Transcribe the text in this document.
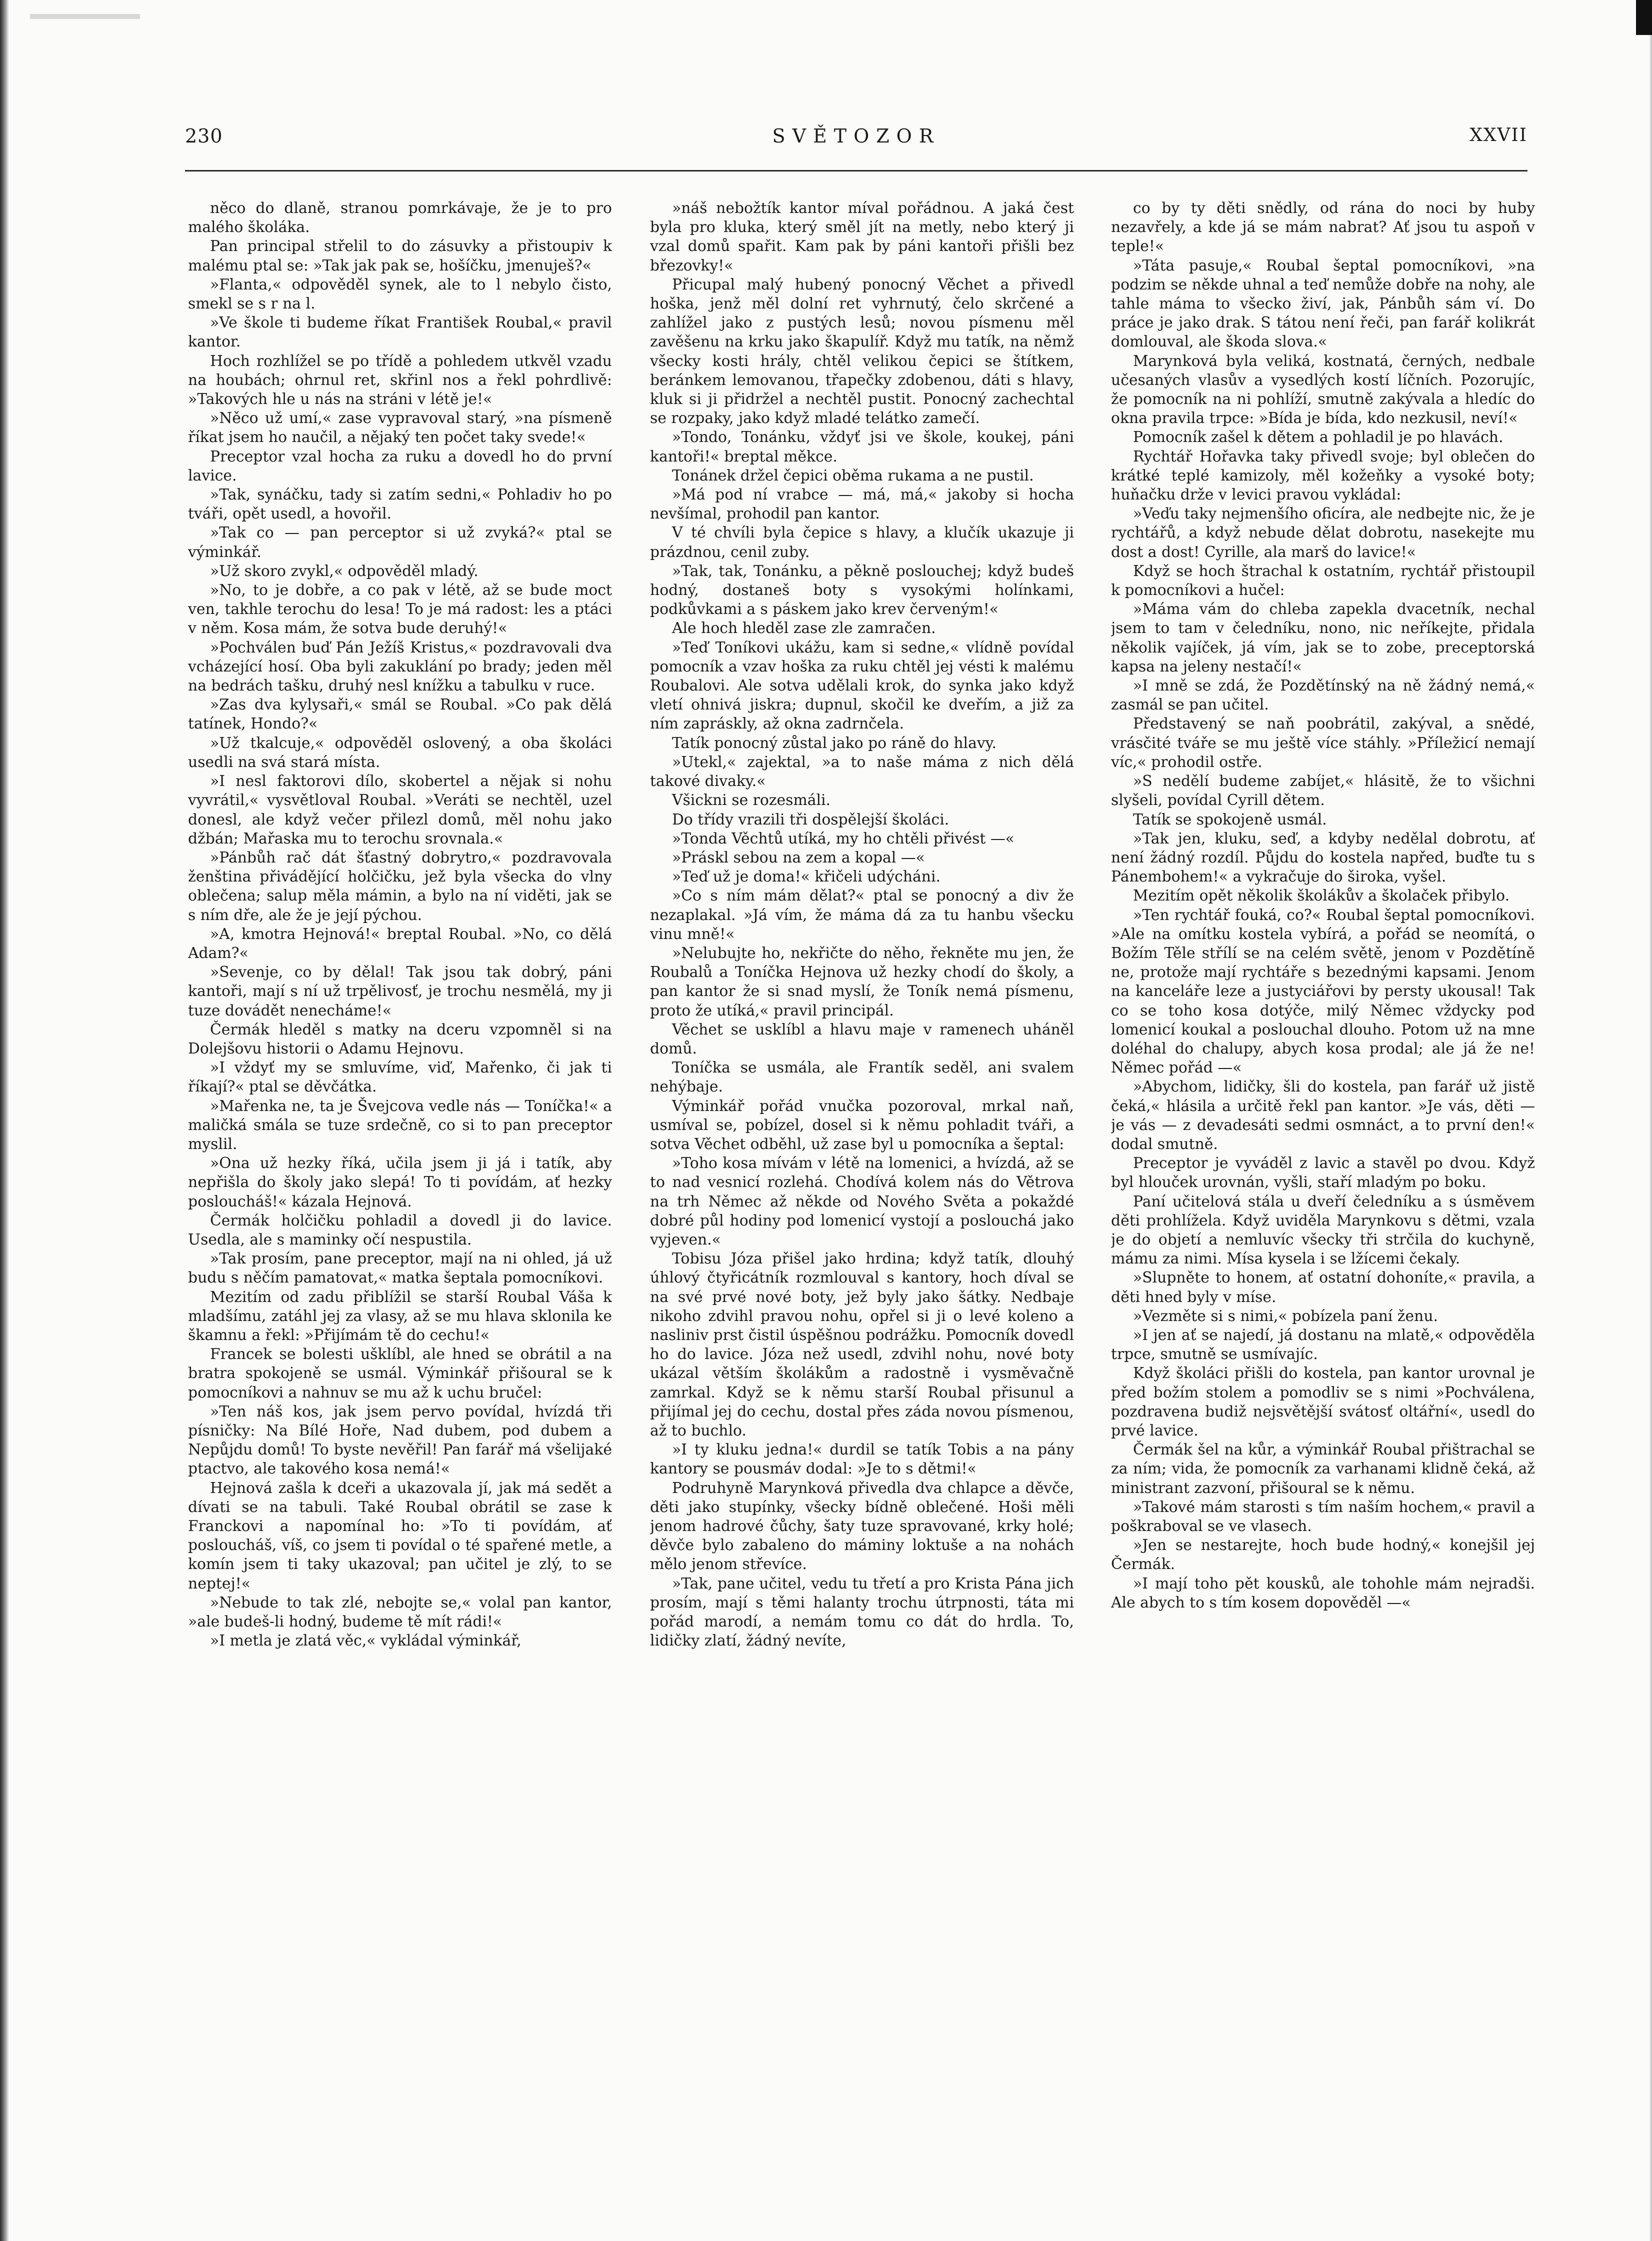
230	SVĚTOZOR	XXVII

něco do dlaně, stranou pomrkávaje, že je to pro malého školáka.

Pan principal střelil to do zásuvky a přistoupiv k malému ptal se: »Tak jak pak se, hošíčku, jmenuješ?«

»Flanta,« odpověděl synek, ale to l nebylo čisto, smekl se s r na l.

»Ve škole ti budeme říkat František Roubal,« pravil kantor.

Hoch rozhlížel se po třídě a pohledem utkvěl vzadu na houbách; ohrnul ret, skřinl nos a řekl pohrdlivě: »Takových hle u nás na stráni v létě je!«

»Něco už umí,« zase vypravoval starý, »na písmeně říkat jsem ho naučil, a nějaký ten počet taky svede!«

Preceptor vzal hocha za ruku a dovedl ho do první lavice.

»Tak, synáčku, tady si zatím sedni,« Pohladiv ho po tváři, opět usedl, a hovořil.

»Tak co — pan perceptor si už zvyká?« ptal se výminkář.

»Už skoro zvykl,« odpověděl mladý.

»No, to je dobře, a co pak v létě, až se bude moct ven, takhle terochu do lesa! To je má radost: les a ptáci v něm. Kosa mám, že sotva bude deruhý!«

»Pochválen buď Pán Ježíš Kristus,« pozdravovali dva vcházející hosí. Oba byli zakuklání po brady; jeden měl na bedrách tašku, druhý nesl knížku a tabulku v ruce.

»Zas dva kylysaři,« smál se Roubal. »Co pak dělá tatínek, Hondo?«

»Už tkalcuje,« odpověděl oslovený, a oba školáci usedli na svá stará místa.

»I nesl faktorovi dílo, skobertel a nějak si nohu vyvrátil,« vysvětloval Roubal. »Veráti se nechtěl, uzel donesl, ale když večer přilezl domů, měl nohu jako džbán; Mařaska mu to terochu srovnala.«

»Pánbůh rač dát šťastný dobrytro,« pozdravovala ženština přivádějící holčičku, jež byla všecka do vlny oblečena; salup měla mámin, a bylo na ní viděti, jak se s ním dře, ale že je její pýchou.

»A, kmotra Hejnová!« breptal Roubal. »No, co dělá Adam?«

»Sevenje, co by dělal! Tak jsou tak dobrý, páni kantoři, mají s ní už trpělivosť, je trochu nesmělá, my ji tuze dovádět nenecháme!«

Čermák hleděl s matky na dceru vzpomněl si na Dolejšovu historii o Adamu Hejnovu.

»I vždyť my se smluvíme, viď, Mařenko, či jak ti říkají?« ptal se děvčátka.

»Mařenka ne, ta je Švejcova vedle nás — Toníčka!« a maličká smála se tuze srdečně, co si to pan preceptor myslil.

»Ona už hezky říká, učila jsem ji já i tatík, aby nepřišla do školy jako slepá! To ti povídám, ať hezky posloucháš!« kázala Hejnová.

Čermák holčičku pohladil a dovedl ji do lavice. Usedla, ale s maminky očí nespustila.

»Tak prosím, pane preceptor, mají na ni ohled, já už budu s něčím pamatovat,« matka šeptala pomocníkovi.

Mezitím od zadu přiblížil se starší Roubal Váša k mladšímu, zatáhl jej za vlasy, až se mu hlava sklonila ke škamnu a řekl: »Přijímám tě do cechu!«

Francek se bolesti ušklíbl, ale hned se obrátil a na bratra spokojeně se usmál. Výminkář přišoural se k pomocníkovi a nahnuv se mu až k uchu bručel:

»Ten náš kos, jak jsem pervo povídal, hvízdá tři písničky: Na Bílé Hoře, Nad dubem, pod dubem a Nepůjdu domů! To byste nevěřil! Pan farář má všelijaké ptactvo, ale takového kosa nemá!«

Hejnová zašla k dceři a ukazovala jí, jak má sedět a dívati se na tabuli. Také Roubal obrátil se zase k Franckovi a napomínal ho: »To ti povídám, ať posloucháš, víš, co jsem ti povídal o té spařené metle, a komín jsem ti taky ukazoval; pan učitel je zlý, to se neptej!«

»Nebude to tak zlé, nebojte se,« volal pan kantor, »ale budeš-li hodný, budeme tě mít rádi!«

»I metla je zlatá věc,« vykládal výminkář,

»náš nebožtík kantor míval pořádnou. A jaká čest byla pro kluka, který směl jít na metly, nebo který ji vzal domů spařit. Kam pak by páni kantoři přišli bez březovky!«

Přicupal malý hubený ponocný Věchet a přivedl hoška, jenž měl dolní ret vyhrnutý, čelo skrčené a zahlížel jako z pustých lesů; novou písmenu měl zavěšenu na krku jako škapulíř. Když mu tatík, na němž všecky kosti hrály, chtěl velikou čepici se štítkem, beránkem lemovanou, třapečky zdobenou, dáti s hlavy, kluk si ji přidržel a nechtěl pustit. Ponocný zachechtal se rozpaky, jako když mladé telátko zamečí.

»Tondo, Tonánku, vždyť jsi ve škole, koukej, páni kantoři!« breptal měkce.

Tonánek držel čepici oběma rukama a ne pustil.

»Má pod ní vrabce — má, má,« jakoby si hocha nevšímal, prohodil pan kantor.

V té chvíli byla čepice s hlavy, a klučík ukazuje ji prázdnou, cenil zuby.

»Tak, tak, Tonánku, a pěkně poslouchej; když budeš hodný, dostaneš boty s vysokými holínkami, podkůvkami a s páskem jako krev červeným!«

Ale hoch hleděl zase zle zamračen.

»Teď Toníkovi ukážu, kam si sedne,« vlídně povídal pomocník a vzav hoška za ruku chtěl jej vésti k malému Roubalovi. Ale sotva udělali krok, do synka jako když vletí ohnivá jiskra; dupnul, skočil ke dveřím, a již za ním zapráskly, až okna zadrnčela.

Tatík ponocný zůstal jako po ráně do hlavy.

»Utekl,« zajektal, »a to naše máma z nich dělá takové divaky.«

Všickni se rozesmáli.

Do třídy vrazili tři dospělejší školáci.

»Tonda Věchtů utíká, my ho chtěli přivést —«

»Práskl sebou na zem a kopal —«

»Teď už je doma!« křičeli udýcháni.

»Co s ním mám dělat?« ptal se ponocný a div že nezaplakal. »Já vím, že máma dá za tu hanbu všecku vinu mně!«

»Nelubujte ho, nekřičte do něho, řekněte mu jen, že Roubalů a Toníčka Hejnova už hezky chodí do školy, a pan kantor že si snad myslí, že Toník nemá písmenu, proto že utíká,« pravil principál.

Věchet se usklíbl a hlavu maje v ramenech uháněl domů.

Toníčka se usmála, ale Frantík seděl, ani svalem nehýbaje.

Výminkář pořád vnučka pozoroval, mrkal naň, usmíval se, pobízel, dosel si k němu pohladit tváři, a sotva Věchet odběhl, už zase byl u pomocníka a šeptal:

»Toho kosa mívám v létě na lomenici, a hvízdá, až se to nad vesnicí rozlehá. Chodívá kolem nás do Větrova na trh Němec až někde od Nového Světa a pokaždé dobré půl hodiny pod lomenicí vystojí a poslouchá jako vyjeven.«

Tobisu Józa přišel jako hrdina; když tatík, dlouhý úhlový čtyřicátník rozmlouval s kantory, hoch díval se na své prvé nové boty, jež byly jako šátky. Nedbaje nikoho zdvihl pravou nohu, opřel si ji o levé koleno a nasliniv prst čistil úspěšnou podrážku. Pomocník dovedl ho do lavice. Józa než usedl, zdvihl nohu, nové boty ukázal větším školákům a radostně i vysměvačně zamrkal. Když se k němu starší Roubal přisunul a přijímal jej do cechu, dostal přes záda novou písmenou, až to buchlo.

»I ty kluku jedna!« durdil se tatík Tobis a na pány kantory se pousmáv dodal: »Je to s dětmi!«

Podruhyně Marynková přivedla dva chlapce a děvče, děti jako stupínky, všecky bídně oblečené. Hoši měli jenom hadrové čůchy, šaty tuze spravované, krky holé; děvče bylo zabaleno do máminy loktuše a na nohách mělo jenom střevíce.

»Tak, pane učitel, vedu tu třetí a pro Krista Pána jich prosím, mají s těmi halanty trochu útrpnosti, táta mi pořád marodí, a nemám tomu co dát do hrdla. To, lidičky zlatí, žádný nevíte,

co by ty děti snědly, od rána do noci by huby nezavřely, a kde já se mám nabrat? Ať jsou tu aspoň v teple!«

»Táta pasuje,« Roubal šeptal pomocníkovi, »na podzim se někde uhnal a teď nemůže dobře na nohy, ale tahle máma to všecko živí, jak, Pánbůh sám ví. Do práce je jako drak. S tátou není řeči, pan farář kolikrát domlouval, ale škoda slova.«

Marynková byla veliká, kostnatá, černých, nedbale učesaných vlasův a vysedlých kostí líčních. Pozorujíc, že pomocník na ni pohlíží, smutně zakývala a hledíc do okna pravila trpce: »Bída je bída, kdo nezkusil, neví!«

Pomocník zašel k dětem a pohladil je po hlavách.

Rychtář Hořavka taky přivedl svoje; byl oblečen do krátké teplé kamizoly, měl kožeňky a vysoké boty; huňačku drže v levici pravou vykládal:

»Veďu taky nejmenšího oficíra, ale nedbejte nic, že je rychtářů, a když nebude dělat dobrotu, nasekejte mu dost a dost! Cyrille, ala marš do lavice!«

Když se hoch štrachal k ostatním, rychtář přistoupil k pomocníkovi a hučel:

»Máma vám do chleba zapekla dvacetník, nechal jsem to tam v čeledníku, nono, nic neříkejte, přidala několik vajíček, já vím, jak se to zobe, preceptorská kapsa na jeleny nestačí!«

»I mně se zdá, že Pozdětínský na ně žádný nemá,« zasmál se pan učitel.

Představený se naň poobrátil, zakýval, a snědé, vrásčité tváře se mu ještě více stáhly. »Příležicí nemají víc,« prohodil ostře.

»S nedělí budeme zabíjet,« hlásitě, že to všichni slyšeli, povídal Cyrill dětem.

Tatík se spokojeně usmál.

»Tak jen, kluku, seď, a kdyby nedělal dobrotu, ať není žádný rozdíl. Půjdu do kostela napřed, buďte tu s Pánembohem!« a vykračuje do široka, vyšel.

Mezitím opět několik školákův a školaček přibylo.

»Ten rychtář fouká, co?« Roubal šeptal pomocníkovi. »Ale na omítku kostela vybírá, a pořád se neomítá, o Božím Těle střílí se na celém světě, jenom v Pozdětíně ne, protože mají rychtáře s bezednými kapsami. Jenom na kanceláře leze a justyciářovi by persty ukousal! Tak co se toho kosa dotýče, milý Němec vždycky pod lomenicí koukal a poslouchal dlouho. Potom už na mne doléhal do chalupy, abych kosa prodal; ale já že ne! Němec pořád —«

»Abychom, lidičky, šli do kostela, pan farář už jistě čeká,« hlásila a určitě řekl pan kantor. »Je vás, děti — je vás — z devadesáti sedmi osmnáct, a to první den!« dodal smutně.

Preceptor je vyváděl z lavic a stavěl po dvou. Když byl hlouček urovnán, vyšli, staří mladým po boku.

Paní učitelová stála u dveří čeledníku a s úsměvem děti prohlížela. Když uviděla Marynkovu s dětmi, vzala je do objetí a nemluvíc všecky tři strčila do kuchyně, mámu za nimi. Mísa kysela i se lžícemi čekaly.

»Slupněte to honem, ať ostatní dohoníte,« pravila, a děti hned byly v míse.

»Vezměte si s nimi,« pobízela paní ženu.

»I jen ať se najedí, já dostanu na mlatě,« odpověděla trpce, smutně se usmívajíc.

Když školáci přišli do kostela, pan kantor urovnal je před božím stolem a pomodliv se s nimi »Pochválena, pozdravena budiž nejsvětější svátosť oltářní«, usedl do prvé lavice.

Čermák šel na kůr, a výminkář Roubal přištrachal se za ním; vida, že pomocník za varhanami klidně čeká, až ministrant zazvoní, přišoural se k němu.

»Takové mám starosti s tím naším hochem,« pravil a poškraboval se ve vlasech.

»Jen se nestarejte, hoch bude hodný,« konejšil jej Čermák.

»I mají toho pět kousků, ale tohohle mám nejradši. Ale abych to s tím kosem dopověděl —«
